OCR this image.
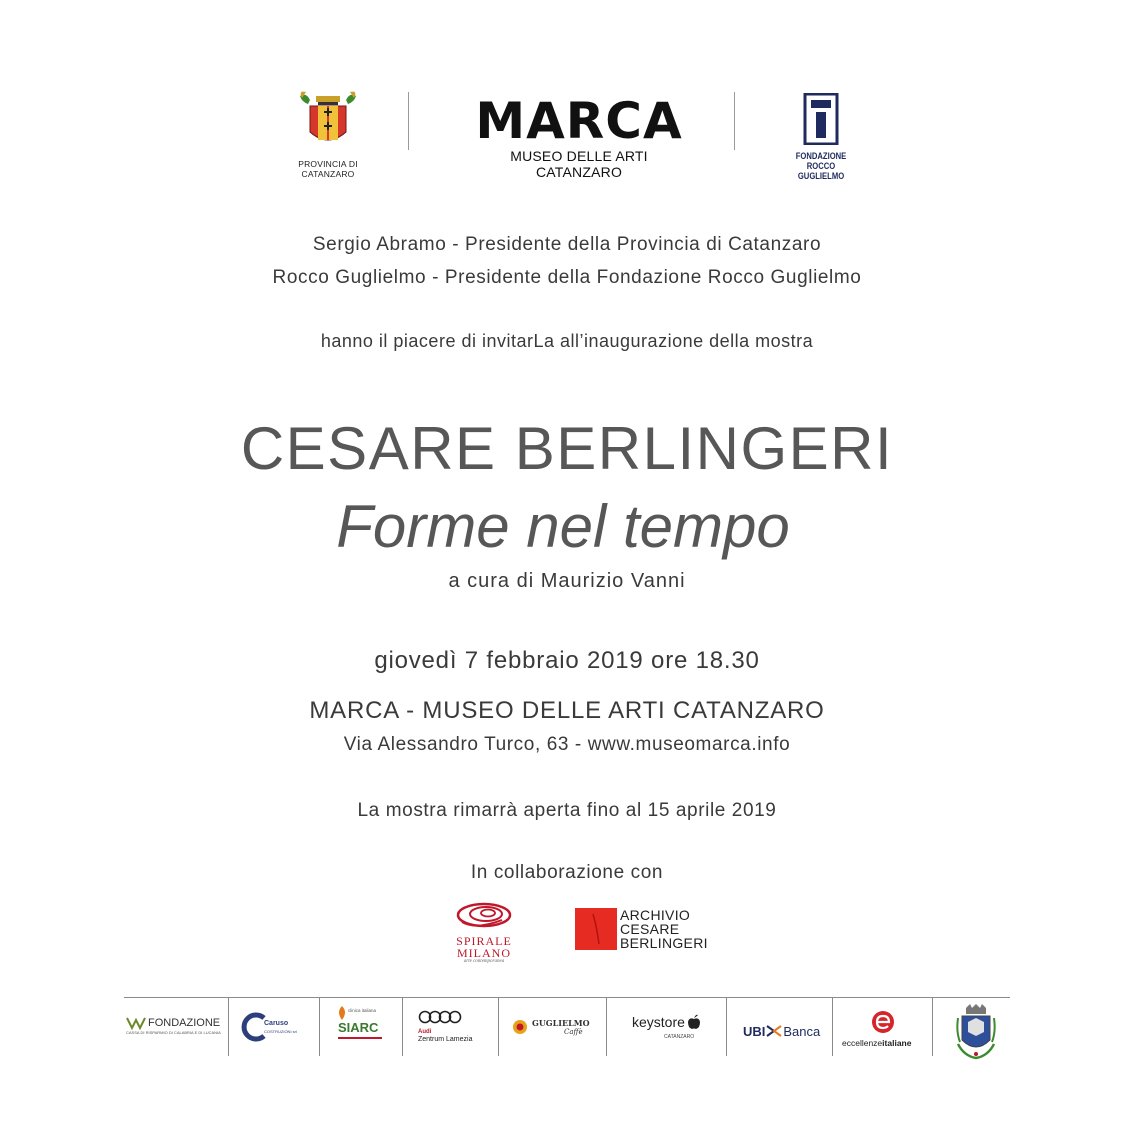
PROVINCIA DI
CATANZARO
MARCA
MUSEO DELLE ARTI CATANZARO
FONDAZIONE
ROCCO GUGLIELMO
Sergio Abramo - Presidente della Provincia di Catanzaro
Rocco Guglielmo - Presidente della Fondazione Rocco Guglielmo
hanno il piacere di invitarLa all’inaugurazione della mostra
CESARE BERLINGERI
Forme nel tempo
a cura di Maurizio Vanni
giovedì 7 febbraio 2019 ore 18.30
MARCA - MUSEO DELLE ARTI CATANZARO
Via Alessandro Turco, 63 - www.museomarca.info
La mostra rimarrà aperta fino al 15 aprile 2019
In collaborazione con
SPIRALE MILANO
arte contemporanea
ARCHIVIO
CESARE
BERLINGERI
FONDAZIONE
CASSA DI RISPARMIO DI CALABRIA E DI LUCANIA
Caruso
COSTRUZIONI srl
clinica italiana
SIARC	Audi
Zentrum Lamezia
GUGLIELMO
Caffè
keystore
CATANZARO	UBI Banca
eccellenzeitaliane
